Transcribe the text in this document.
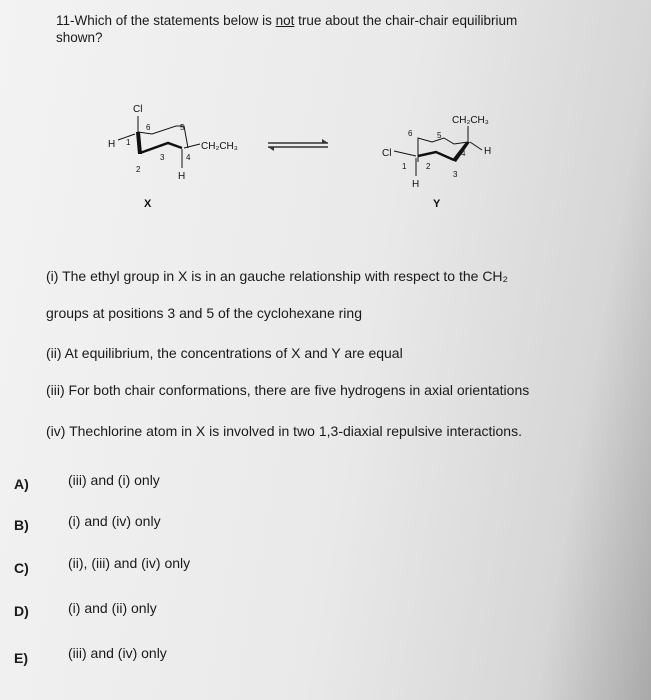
11-Which of the statements below is not true about the chair-chair equilibrium
shown?
Cl
H	CH₂CH₃
H
1
2
3	4
5
6
X
CH₂CH₃
H
Cl
H
1 2
3
4
5
6
Y
(i) The ethyl group in X is in an gauche relationship with respect to the CH₂
groups at positions 3 and 5 of the cyclohexane ring
(ii) At equilibrium, the concentrations of X and Y are equal
(iii) For both chair conformations, there are five hydrogens in axial orientations
(iv) Thechlorine atom in X is involved in two 1,3-diaxial repulsive interactions.
A)	(iii) and (i) only
B)	(i) and (iv) only
C)	(ii), (iii) and (iv) only
D)	(i) and (ii) only
E)	(iii) and (iv) only
